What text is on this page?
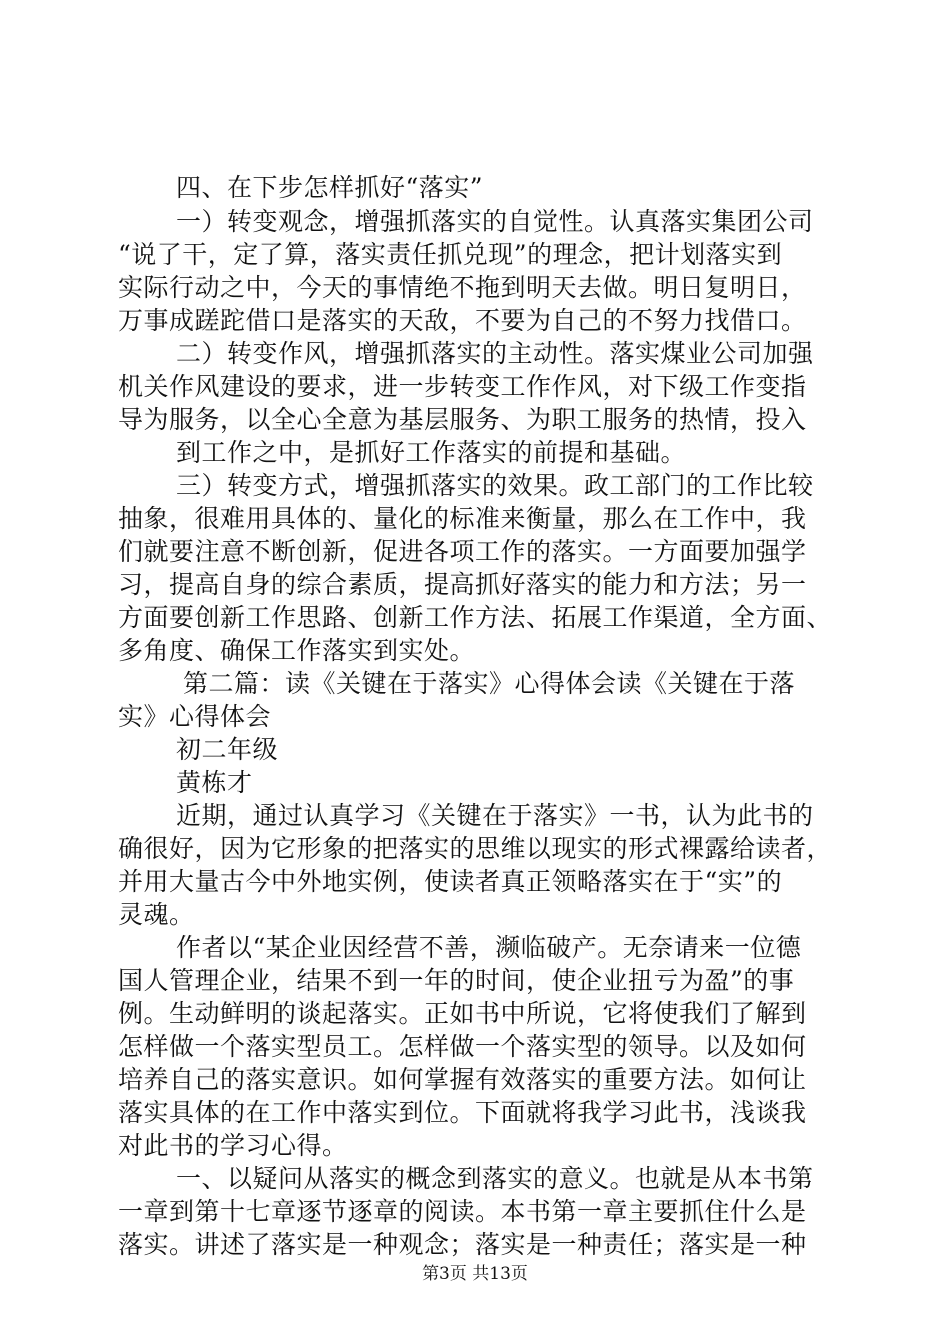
四、在下步怎样抓好“落实”
一）转变观念，增强抓落实的自觉性。认真落实集团公司
“说了干，定了算，落实责任抓兑现”的理念，把计划落实到
实际行动之中，今天的事情绝不拖到明天去做。明日复明日，
万事成蹉跎借口是落实的天敌，不要为自己的不努力找借口。
二）转变作风，增强抓落实的主动性。落实煤业公司加强
机关作风建设的要求，进一步转变工作作风，对下级工作变指
导为服务，以全心全意为基层服务、为职工服务的热情，投入
到工作之中，是抓好工作落实的前提和基础。
三）转变方式，增强抓落实的效果。政工部门的工作比较
抽象，很难用具体的、量化的标准来衡量，那么在工作中，我
们就要注意不断创新，促进各项工作的落实。一方面要加强学
习，提高自身的综合素质，提高抓好落实的能力和方法；另一
方面要创新工作思路、创新工作方法、拓展工作渠道，全方面、
多角度、确保工作落实到实处。
第二篇：读《关键在于落实》心得体会读《关键在于落
实》心得体会
初二年级
黄栋才
近期，通过认真学习《关键在于落实》一书，认为此书的
确很好，因为它形象的把落实的思维以现实的形式裸露给读者，
并用大量古今中外地实例，使读者真正领略落实在于“实”的
灵魂。
作者以“某企业因经营不善，濒临破产。无奈请来一位德
国人管理企业，结果不到一年的时间，使企业扭亏为盈”的事
例。生动鲜明的谈起落实。正如书中所说，它将使我们了解到
怎样做一个落实型员工。怎样做一个落实型的领导。以及如何
培养自己的落实意识。如何掌握有效落实的重要方法。如何让
落实具体的在工作中落实到位。下面就将我学习此书，浅谈我
对此书的学习心得。
一、以疑问从落实的概念到落实的意义。也就是从本书第
一章到第十七章逐节逐章的阅读。本书第一章主要抓住什么是
落实。讲述了落实是一种观念；落实是一种责任；落实是一种
第3页 共13页
